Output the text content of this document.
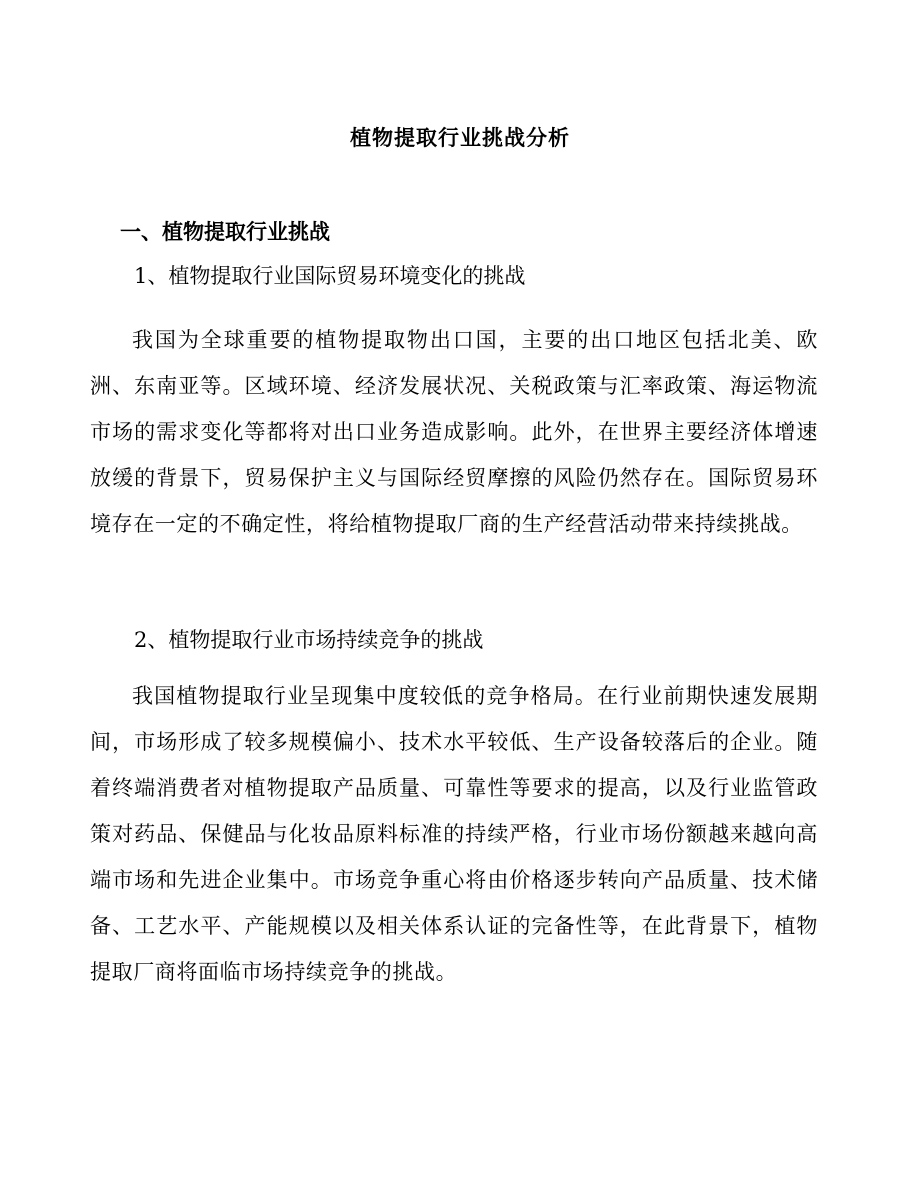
植物提取行业挑战分析
一、植物提取行业挑战
1、植物提取行业国际贸易环境变化的挑战
我国为全球重要的植物提取物出口国，主要的出口地区包括北美、欧洲、东南亚等。区域环境、经济发展状况、关税政策与汇率政策、海运物流市场的需求变化等都将对出口业务造成影响。此外，在世界主要经济体增速放缓的背景下，贸易保护主义与国际经贸摩擦的风险仍然存在。国际贸易环境存在一定的不确定性，将给植物提取厂商的生产经营活动带来持续挑战。
2、植物提取行业市场持续竞争的挑战
我国植物提取行业呈现集中度较低的竞争格局。在行业前期快速发展期间，市场形成了较多规模偏小、技术水平较低、生产设备较落后的企业。随着终端消费者对植物提取产品质量、可靠性等要求的提高，以及行业监管政策对药品、保健品与化妆品原料标准的持续严格，行业市场份额越来越向高端市场和先进企业集中。市场竞争重心将由价格逐步转向产品质量、技术储备、工艺水平、产能规模以及相关体系认证的完备性等，在此背景下，植物提取厂商将面临市场持续竞争的挑战。
